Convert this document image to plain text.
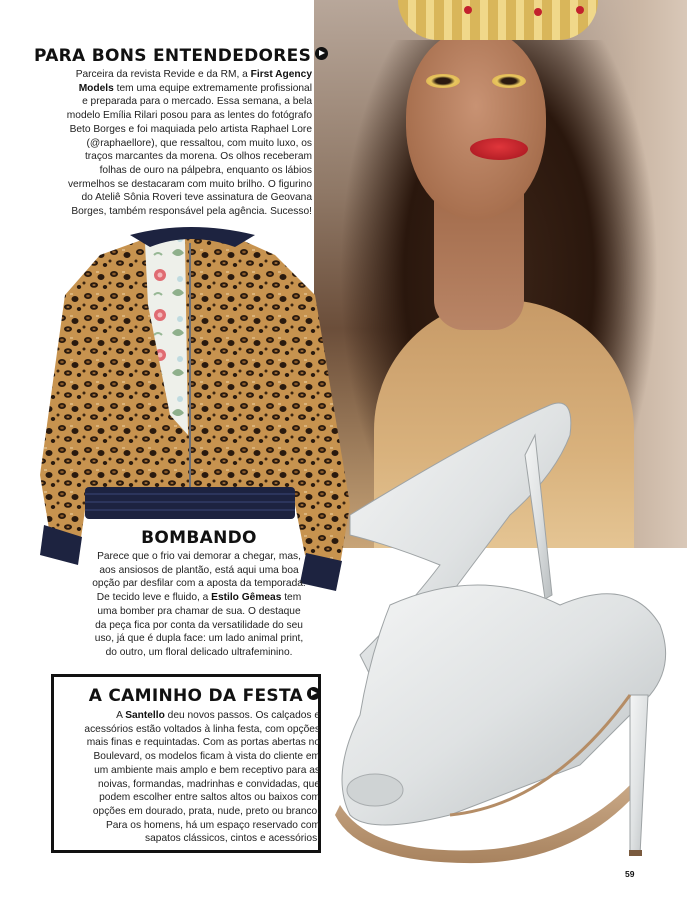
PARA BONS ENTENDEDORES
Parceira da revista Revide e da RM, a First Agency
Models tem uma equipe extremamente profissional
e preparada para o mercado. Essa semana, a bela
modelo Emília Rilari posou para as lentes do fotógrafo
Beto Borges e foi maquiada pelo artista Raphael Lore
(@raphaellore), que ressaltou, com muito luxo, os
traços marcantes da morena. Os olhos receberam
folhas de ouro na pálpebra, enquanto os lábios
vermelhos se destacaram com muito brilho. O figurino
do Ateliê Sônia Roveri teve assinatura de Geovana
Borges, também responsável pela agência. Sucesso!
BOMBANDO
Parece que o frio vai demorar a chegar, mas,
aos ansiosos de plantão, está aqui uma boa
opção par desfilar com a aposta da temporada.
De tecido leve e fluido, a Estilo Gêmeas tem
uma bomber pra chamar de sua. O destaque
da peça fica por conta da versatilidade do seu
uso, já que é dupla face: um lado animal print,
do outro, um floral delicado ultrafeminino.
A CAMINHO DA FESTA
A Santello deu novos passos. Os calçados e
acessórios estão voltados à linha festa, com opções
mais finas e requintadas. Com as portas abertas no
Boulevard, os modelos ficam à vista do cliente em
um ambiente mais amplo e bem receptivo para as
noivas, formandas, madrinhas e convidadas, que
podem escolher entre saltos altos ou baixos com
opções em dourado, prata, nude, preto ou branco.
Para os homens, há um espaço reservado com
sapatos clássicos, cintos e acessórios.
59
